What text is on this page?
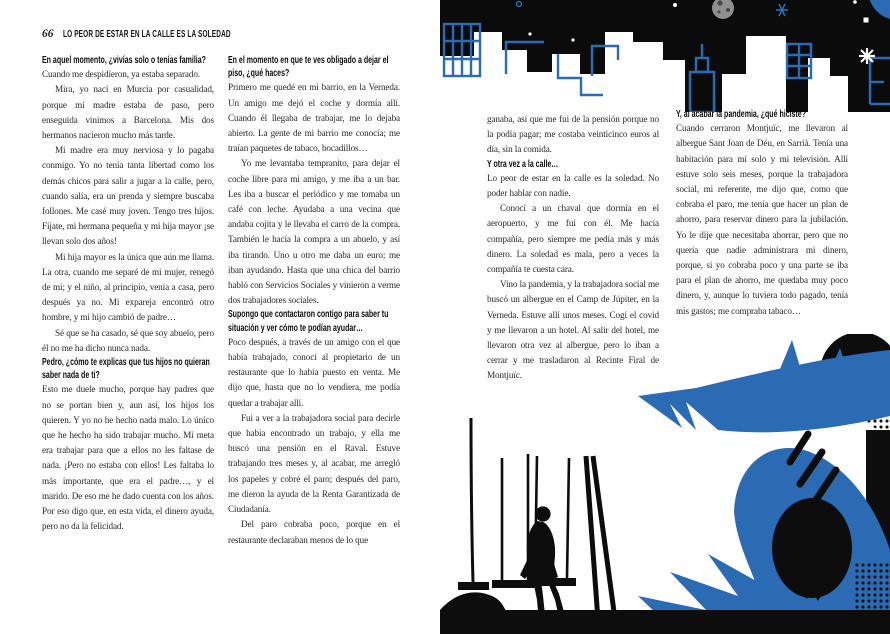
66 LO PEOR DE ESTAR EN LA CALLE ES LA SOLEDAD

En aquel momento, ¿vivías solo o tenías familia?

Cuando me despidieron, ya estaba separado.

Mira, yo nací en Murcia por casualidad, porque mi madre estaba de paso, pero enseguida vinimos a Barcelona. Mis dos hermanos nacieron mucho más tarde.

Mi madre era muy nerviosa y lo pagaba conmigo. Yo no tenía tanta libertad como los demás chicos para salir a jugar a la calle, pero, cuando salía, era un prenda y siempre buscaba follones. Me casé muy joven. Tengo tres hijos. Fíjate, mi hermana pequeña y mi hija mayor ¡se llevan solo dos años!

Mi hija mayor es la única que aún me llama. La otra, cuando me separé de mi mujer, renegó de mí; y el niño, al principio, venía a casa, pero después ya no. Mi expareja encontró otro hombre, y mi hijo cambió de padre…

Sé que se ha casado, sé que soy abuelo, pero él no me ha dicho nunca nada.

Pedro, ¿cómo te explicas que tus hijos no quieran saber nada de ti?

Esto me duele mucho, porque hay padres que no se portan bien y, aun así, los hijos los quieren. Y yo no he hecho nada malo. Lo único que he hecho ha sido trabajar mucho. Mi meta era trabajar para que a ellos no les faltase de nada. ¡Pero no estaba con ellos! Les faltaba lo más importante, que era el padre…, y el marido. De eso me he dado cuenta con los años. Por eso digo que, en esta vida, el dinero ayuda, pero no da la felicidad.

En el momento en que te ves obligado a dejar el piso, ¿qué haces?

Primero me quedé en mi barrio, en la Verneda. Un amigo me dejó el coche y dormía allí. Cuando él llegaba de trabajar, me lo dejaba abierto. La gente de mi barrio me conocía; me traían paquetes de tabaco, bocadillos…

Yo me levantaba tempranito, para dejar el coche libre para mi amigo, y me iba a un bar. Les iba a buscar el periódico y me tomaba un café con leche. Ayudaba a una vecina que andaba cojita y le llevaba el carro de la compra. También le hacía la compra a un abuelo, y así iba tirando. Uno u otro me daba un euro; me iban ayudando. Hasta que una chica del barrio habló con Servicios Sociales y vinieron a verme dos trabajadores sociales.

Supongo que contactaron contigo para saber tu situación y ver cómo te podían ayudar…

Poco después, a través de un amigo con el que había trabajado, conocí al propietario de un restaurante que lo había puesto en venta. Me dijo que, hasta que no lo vendiera, me podía quedar a trabajar allí.

Fui a ver a la trabajadora social para decirle que había encontrado un trabajo, y ella me buscó una pensión en el Raval. Estuve trabajando tres meses y, al acabar, me arregló los papeles y cobré el paro; después del paro, me dieron la ayuda de la Renta Garantizada de Ciudadanía.

Del paro cobraba poco, porque en el restaurante declaraban menos de lo que

ganaba, así que me fui de la pensión porque no la podía pagar; me costaba veinticinco euros al día, sin la comida.

Y otra vez a la calle…

Lo peor de estar en la calle es la soledad. No poder hablar con nadie.

Conocí a un chaval que dormía en el aeropuerto, y me fui con él. Me hacía compañía, pero siempre me pedía más y más dinero. La soledad es mala, pero a veces la compañía te cuesta cara.

Vino la pandemia, y la trabajadora social me buscó un albergue en el Camp de Júpiter, en la Verneda. Estuve allí unos meses. Cogí el covid y me llevaron a un hotel. Al salir del hotel, me llevaron otra vez al albergue, pero lo iban a cerrar y me trasladaron al Recinte Firal de Montjuïc.

Y, al acabar la pandemia, ¿qué hiciste?

Cuando cerraron Montjuïc, me llevaron al albergue Sant Joan de Déu, en Sarrià. Tenía una habitación para mí solo y mi televisión. Allí estuve solo seis meses, porque la trabajadora social, mi referente, me dijo que, como que cobraba el paro, me tenía que hacer un plan de ahorro, para reservar dinero para la jubilación. Yo le dije que necesitaba ahorrar, pero que no quería que nadie administrara mi dinero, porque, si yo cobraba poco y una parte se iba para el plan de ahorro, me quedaba muy poco dinero, y, aunque lo tuviera todo pagado, tenía mis gastos; me compraba tabaco…
